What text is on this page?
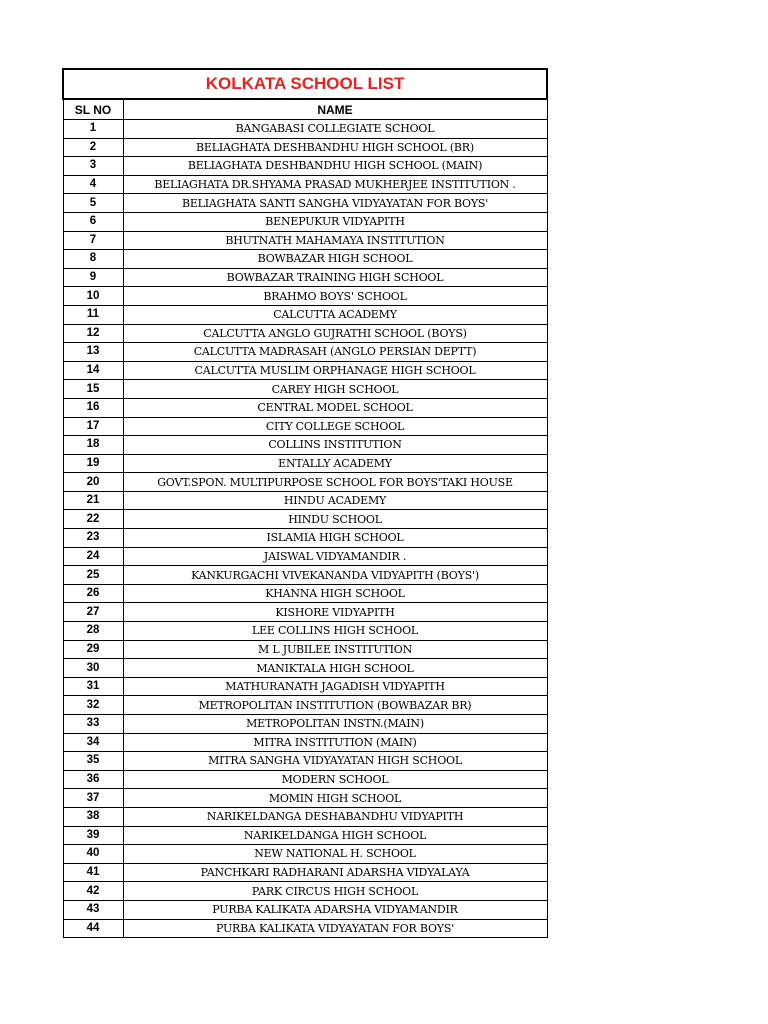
KOLKATA SCHOOL LIST	
SL NO	NAME
1	BANGABASI COLLEGIATE SCHOOL
2	BELIAGHATA DESHBANDHU HIGH SCHOOL (BR)
3	BELIAGHATA DESHBANDHU HIGH SCHOOL (MAIN)
4	BELIAGHATA DR.SHYAMA PRASAD MUKHERJEE INSTITUTION .
5	BELIAGHATA SANTI SANGHA VIDYAYATAN FOR BOYS'
6	BENEPUKUR VIDYAPITH
7	BHUTNATH MAHAMAYA INSTITUTION
8	BOWBAZAR HIGH SCHOOL
9	BOWBAZAR TRAINING HIGH SCHOOL
10	BRAHMO BOYS' SCHOOL
11	CALCUTTA ACADEMY
12	CALCUTTA ANGLO GUJRATHI SCHOOL (BOYS)
13	CALCUTTA MADRASAH (ANGLO PERSIAN DEPTT)
14	CALCUTTA MUSLIM ORPHANAGE HIGH SCHOOL
15	CAREY HIGH SCHOOL
16	CENTRAL MODEL SCHOOL
17	CITY COLLEGE SCHOOL
18	COLLINS INSTITUTION
19	ENTALLY ACADEMY
20	GOVT.SPON. MULTIPURPOSE SCHOOL FOR BOYS'TAKI HOUSE
21	HINDU ACADEMY
22	HINDU SCHOOL
23	ISLAMIA HIGH SCHOOL
24	JAISWAL VIDYAMANDIR .
25	KANKURGACHI VIVEKANANDA VIDYAPITH (BOYS')
26	KHANNA HIGH SCHOOL
27	KISHORE VIDYAPITH
28	LEE COLLINS HIGH SCHOOL
29	M L JUBILEE INSTITUTION
30	MANIKTALA HIGH SCHOOL
31	MATHURANATH JAGADISH VIDYAPITH
32	METROPOLITAN INSTITUTION (BOWBAZAR BR)
33	METROPOLITAN INSTN.(MAIN)
34	MITRA INSTITUTION (MAIN)
35	MITRA SANGHA VIDYAYATAN HIGH SCHOOL
36	MODERN SCHOOL
37	MOMIN HIGH SCHOOL
38	NARIKELDANGA DESHABANDHU VIDYAPITH
39	NARIKELDANGA HIGH SCHOOL
40	NEW NATIONAL H. SCHOOL
41	PANCHKARI RADHARANI ADARSHA VIDYALAYA
42	PARK CIRCUS HIGH SCHOOL
43	PURBA KALIKATA ADARSHA VIDYAMANDIR
44	PURBA KALIKATA VIDYAYATAN FOR BOYS'
